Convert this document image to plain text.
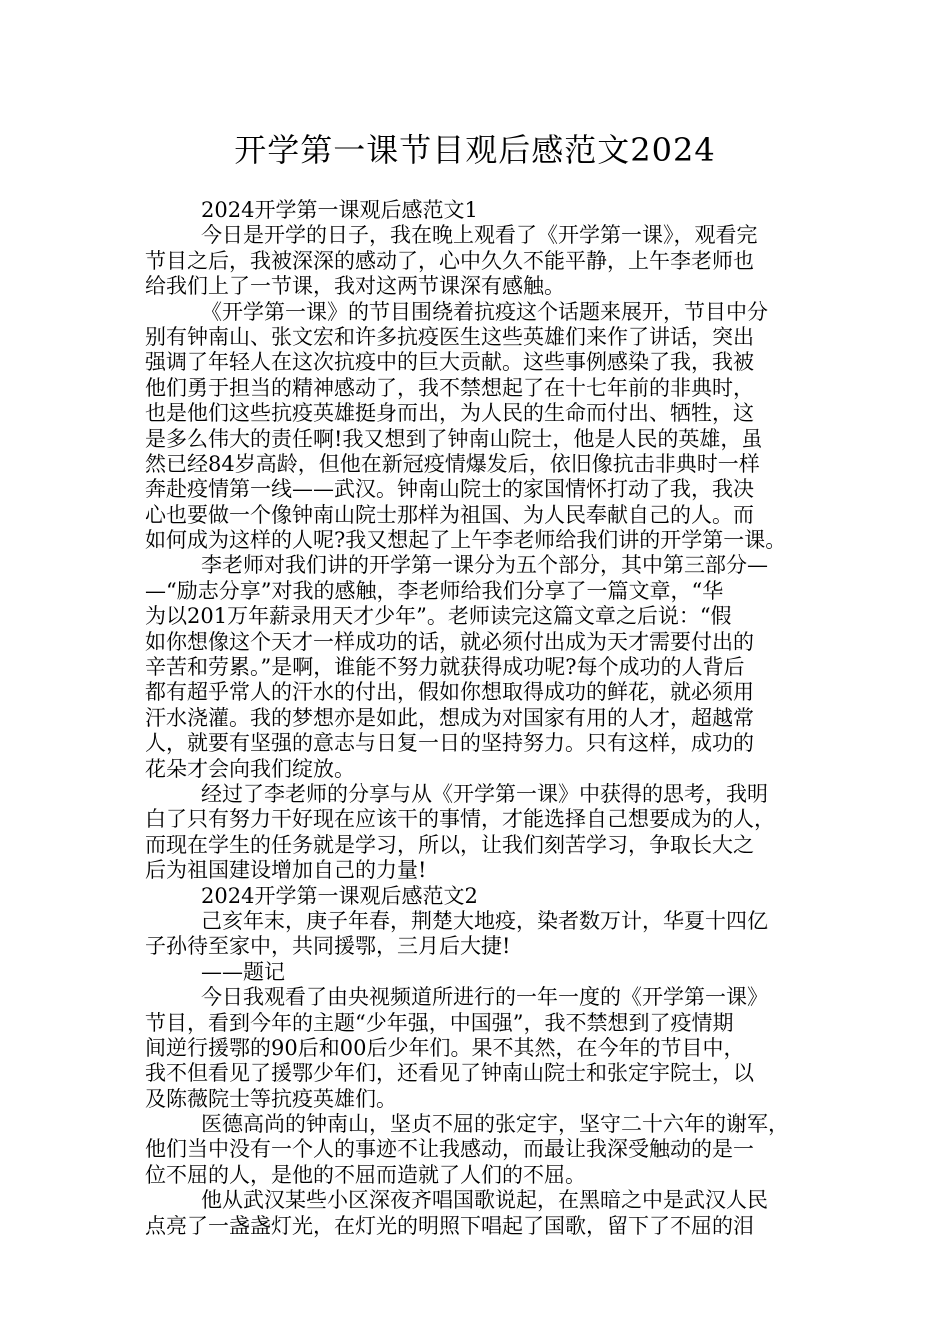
开学第一课节目观后感范文2024
2024开学第一课观后感范文1
今日是开学的日子，我在晚上观看了《开学第一课》，观看完
节目之后，我被深深的感动了，心中久久不能平静，上午李老师也
给我们上了一节课，我对这两节课深有感触。
《开学第一课》的节目围绕着抗疫这个话题来展开，节目中分
别有钟南山、张文宏和许多抗疫医生这些英雄们来作了讲话，突出
强调了年轻人在这次抗疫中的巨大贡献。这些事例感染了我，我被
他们勇于担当的精神感动了，我不禁想起了在十七年前的非典时，
也是他们这些抗疫英雄挺身而出，为人民的生命而付出、牺牲，这
是多么伟大的责任啊!我又想到了钟南山院士，他是人民的英雄，虽
然已经84岁高龄，但他在新冠疫情爆发后，依旧像抗击非典时一样
奔赴疫情第一线——武汉。钟南山院士的家国情怀打动了我，我决
心也要做一个像钟南山院士那样为祖国、为人民奉献自己的人。而
如何成为这样的人呢?我又想起了上午李老师给我们讲的开学第一课。
李老师对我们讲的开学第一课分为五个部分，其中第三部分—
—“励志分享”对我的感触，李老师给我们分享了一篇文章，“华
为以201万年薪录用天才少年”。老师读完这篇文章之后说：“假
如你想像这个天才一样成功的话，就必须付出成为天才需要付出的
辛苦和劳累。”是啊，谁能不努力就获得成功呢?每个成功的人背后
都有超乎常人的汗水的付出，假如你想取得成功的鲜花，就必须用
汗水浇灌。我的梦想亦是如此，想成为对国家有用的人才，超越常
人，就要有坚强的意志与日复一日的坚持努力。只有这样，成功的
花朵才会向我们绽放。
经过了李老师的分享与从《开学第一课》中获得的思考，我明
白了只有努力干好现在应该干的事情，才能选择自己想要成为的人，
而现在学生的任务就是学习，所以，让我们刻苦学习，争取长大之
后为祖国建设增加自己的力量!
2024开学第一课观后感范文2
己亥年末，庚子年春，荆楚大地疫，染者数万计，华夏十四亿
子孙待至家中，共同援鄂，三月后大捷!
——题记
今日我观看了由央视频道所进行的一年一度的《开学第一课》
节目，看到今年的主题“少年强，中国强”，我不禁想到了疫情期
间逆行援鄂的90后和00后少年们。果不其然，在今年的节目中，
我不但看见了援鄂少年们，还看见了钟南山院士和张定宇院士，以
及陈薇院士等抗疫英雄们。
医德高尚的钟南山，坚贞不屈的张定宇，坚守二十六年的谢军，
他们当中没有一个人的事迹不让我感动，而最让我深受触动的是一
位不屈的人，是他的不屈而造就了人们的不屈。
他从武汉某些小区深夜齐唱国歌说起，在黑暗之中是武汉人民
点亮了一盏盏灯光，在灯光的明照下唱起了国歌，留下了不屈的泪
